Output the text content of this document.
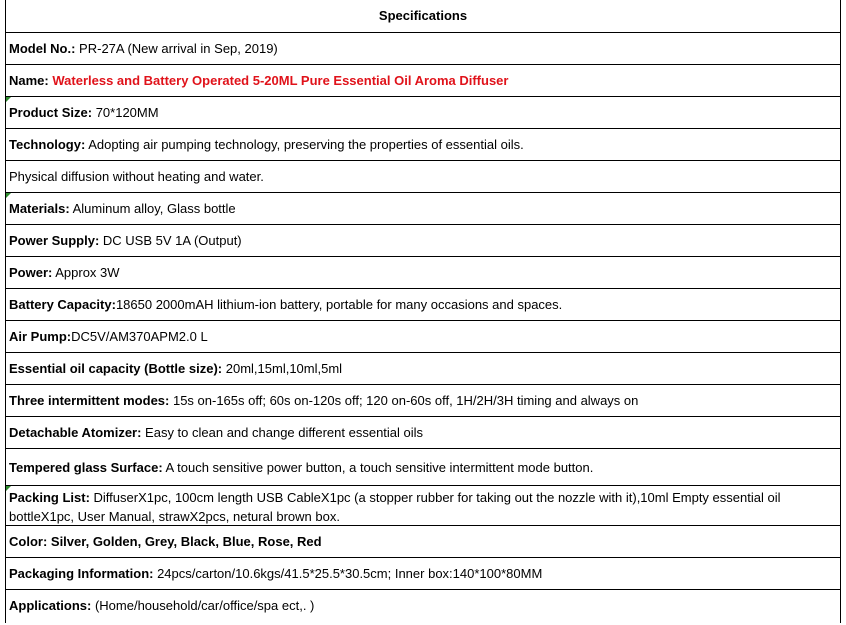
Specifications
Model No.: PR-27A (New arrival in Sep, 2019)
Name: Waterless and Battery Operated 5-20ML Pure Essential Oil Aroma Diffuser
Product Size: 70*120MM
Technology: Adopting air pumping technology, preserving the properties of essential oils.
Physical diffusion without heating and water.
Materials: Aluminum alloy, Glass bottle
Power Supply: DC USB 5V 1A (Output)
Power: Approx 3W
Battery Capacity:18650 2000mAH lithium-ion battery, portable for many occasions and spaces.
Air Pump:DC5V/AM370APM2.0 L
Essential oil capacity (Bottle size): 20ml,15ml,10ml,5ml
Three intermittent modes: 15s on-165s off; 60s on-120s off; 120 on-60s off, 1H/2H/3H timing and always on
Detachable Atomizer: Easy to clean and change different essential oils
Tempered glass Surface: A touch sensitive power button, a touch sensitive intermittent mode button.
Packing List: DiffuserX1pc, 100cm length USB CableX1pc (a stopper rubber for taking out the nozzle with it),10ml Empty essential oil bottleX1pc, User Manual, strawX2pcs, netural brown box.
Color: Silver, Golden, Grey, Black, Blue, Rose, Red
Packaging Information: 24pcs/carton/10.6kgs/41.5*25.5*30.5cm; Inner box:140*100*80MM
Applications: (Home/household/car/office/spa ect,. )
